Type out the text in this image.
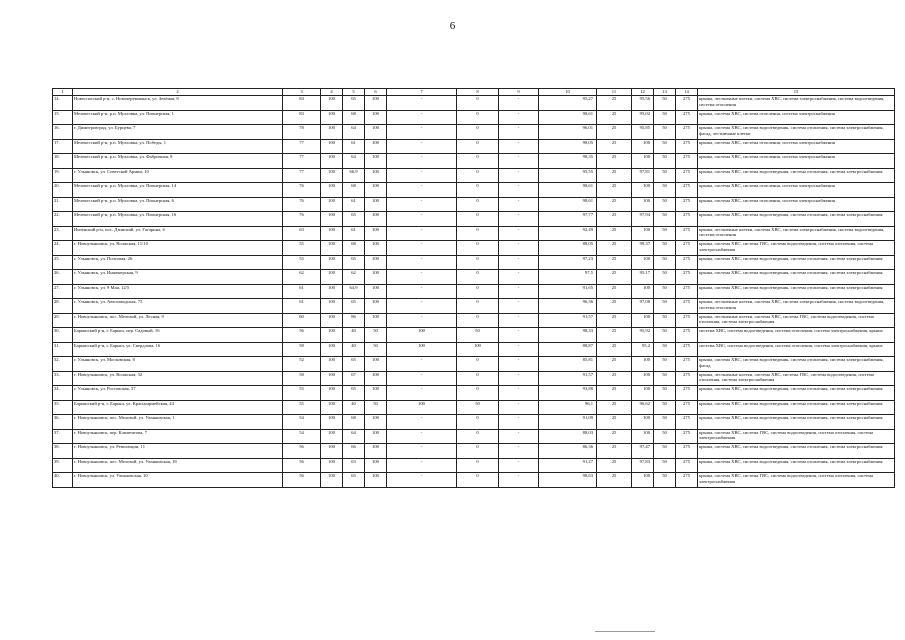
6
1	2	3	4	5	6	7	8	9	10	11	12	13	14	15
14.	Новоспасский р-н, с. Новочеремшанск, ул. Зелёная, 8	84	100	65	100	-	0	-	95,27	25	95,56	50	275	крыша, лестничные клетки, система ХВС, система электроснабжения, система водоотведения, система отопления
15.	Мелекесский р-н, р.п. Мулловка, ул. Пионерская, 1	83	100	68	100	-	0	-	98,61	25	95,02	50	275	крыша, система ХВС, система отопления, система электроснабжения
16.	г. Димитровград, ул. Бурцева, 7	78	100	64	100	-	0	-	96,01	25	95,85	50	275	крыша, система ХВС, система водоотведения, система отопления, система электроснабжения, фасад, лестничные клетки
17.	Мелекесский р-н, р.п. Мулловка, ул. Победы, 1	77	100	61	100	-	0	-	98,05	25	100	50	275	крыша, система ХВС, система отопления, система электроснабжения
18.	Мелекесский р-н, р.п. Мулловка, ул. Фабричная, 8	77	100	64	100	-	0	-	98,35	25	100	50	275	крыша, система ХВС, система отопления, система электроснабжения
19.	г. Ульяновск, ул. Советской Армии, 10	77	100	66,9	100	-	0	-	95,55	25	97,81	50	275	крыша, система ХВС, система водоотведения, система отопления, система электроснабжения
20.	Мелекесский р-н, р.п. Мулловка, ул. Пионерская, 14	76	100	68	100	-	0	-	98,61	25	100	50	275	крыша, система ХВС, система отопления, система электроснабжения
21.	Мелекесский р-н, р.п. Мулловка, ул. Пионерская, 6	76	100	61	100	-	0	-	98,61	25	100	50	275	крыша, система ХВС, система отопления, система электроснабжения
22.	Мелекесский р-н, р.п. Мулловка, ул. Пионерская, 16	76	100	65	100	-	0	-	97,77	25	97,94	50	275	крыша, система ХВС, система водоотведения, система отопления, система электроснабжения
23.	Инзенский р-н, пос. Дзинский, ул. Гагарина, 4	63	100	61	100	-	0	-	92,49	25	100	50	275	крыша, лестничные клетки, система ХВС, система электроснабжения, система водоотведения, система отопления
24.	г. Новоульяновск, ул. Волжская, 11/10	55	100	68	100	-	0	-	88,05	25	99,37	50	275	крыша, система ХВС, система ГВС, система водоотведения, система отопления, система электроснабжения
25.	г. Ульяновск, ул. Почтовая, 26	55	100	65	100	-	0	-	97,23	25	100	50	275	крыша, система ХВС, система водоотведения, система отопления, система электроснабжения
26.	г. Ульяновск, ул. Инженерская, 9	62	100	62	100	-	0	-	97,5	25	95,17	50	275	крыша, система ХВС, система водоотведения, система отопления, система электроснабжения
27.	г. Ульяновск, ул. 9 Мая, 12/5	61	100	64,9	100	-	0	-	91,65	25	100	50	275	крыша, система ХВС, система водоотведения, система отопления, система электроснабжения
28.	г. Ульяновск, ул. Автозаводская, 75	61	100	65	100	-	0	-	96,36	25	97,08	50	275	крыша, лестничные клетки, система ХВС, система электроснабжения, система водоотведения, система отопления
29.	г. Новоульяновск, пос. Меловой, ул. Лесная, 9	60	100	86	100	-	0	-	91,57	25	100	50	275	крыша, лестничные клетки, система ХВС, система ГВС, система водоотведения, система отопления, система электроснабжения
30.	Барышский р-н, г. Барыш, пер. Садовый, 16	56	100	40	50	100	50	-	98,33	25	95,92	50	275	система ХВС, система водоотведения, система отопления, система электроснабжения, крыша
31.	Барышский р-н, г. Барыш, ул. Свердлова, 16	58	100	40	50	100	100	-	88,87	25	95,2	50	275	система ХВС, система водоотведения, система отопления, система электроснабжения, крыша
32.	г. Ульяновск, ул. Московская, 8	52	100	65	100	-	0	-	85,81	25	100	50	275	крыша, система ХВС, система водоотведения, система отопления, система электроснабжения, фасад
33.	г. Новоульяновск, ул. Волжская, 32	58	100	67	100	-	0	-	91,57	25	100	50	275	крыша, лестничные клетки, система ХВС, система ГВС, система водоотведения, система отопления, система электроснабжения
34.	г. Ульяновск, ул. Ростовская, 57	55	100	65	100	-	0	-	93,88	25	100	50	275	крыша, система ХВС, система водоотведения, система отопления, система электроснабжения
35.	Барышский р-н, г. Барыш, ул. Красноармейская, 44	55	100	40	50	100	50	-	96,1	25	96,62	50	275	крыша, система ХВС, система водоотведения, система отопления, система электроснабжения
36.	г. Новоульяновск, пос. Меловой, ул. Ульяновская, 1	54	100	68	100	-	0	-	91,09	25	100	50	275	крыша, система ХВС, система водоотведения, система отопления, система электроснабжения
37.	г. Новоульяновск, пер. Климентова, 7	54	100	64	100	-	0	-	88,03	25	100	50	275	крыша, система ХВС, система ГВС, система водоотведения, система отопления, система электроснабжения
38.	г. Новоульяновск, ул. Революции, 11	56	100	66	100	-	0	-	86,36	25	97,47	50	275	крыша, система ХВС, система водоотведения, система отопления, система электроснабжения
39.	г. Новоульяновск, пос. Меловой, ул. Ульяновская, 18	56	100	63	100	-	0	-	91,27	25	97,83	50	275	крыша, система ХВС, система водоотведения, система отопления, система электроснабжения
40.	г. Новоульяновск, ул. Ульяновская, 10	56	100	65	100	-	0	-	98,63	25	100	50	275	крыша, система ХВС, система ГВС, система водоотведения, система отопления, система электроснабжения
